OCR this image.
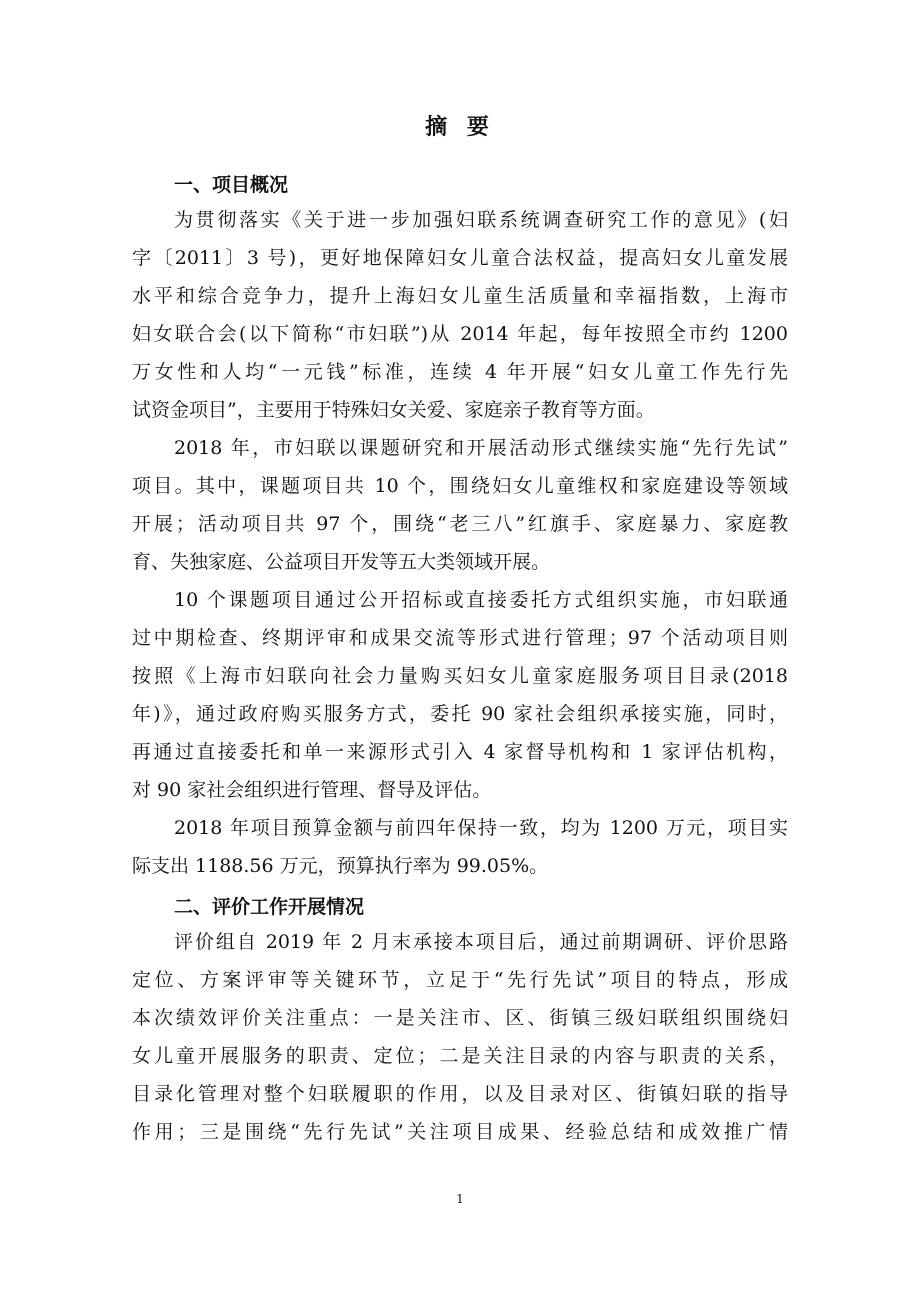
摘 要
一、项目概况
为贯彻落实《关于进一步加强妇联系统调查研究工作的意见》(妇
字〔2011〕3 号)，更好地保障妇女儿童合法权益，提高妇女儿童发展
水平和综合竞争力，提升上海妇女儿童生活质量和幸福指数，上海市
妇女联合会(以下简称“市妇联”)从 2014 年起，每年按照全市约 1200
万女性和人均“一元钱”标准，连续 4 年开展“妇女儿童工作先行先
试资金项目”，主要用于特殊妇女关爱、家庭亲子教育等方面。
2018 年，市妇联以课题研究和开展活动形式继续实施“先行先试”
项目。其中，课题项目共 10 个，围绕妇女儿童维权和家庭建设等领域
开展；活动项目共 97 个，围绕“老三八”红旗手、家庭暴力、家庭教
育、失独家庭、公益项目开发等五大类领域开展。
10 个课题项目通过公开招标或直接委托方式组织实施，市妇联通
过中期检查、终期评审和成果交流等形式进行管理；97 个活动项目则
按照《上海市妇联向社会力量购买妇女儿童家庭服务项目目录(2018
年)》，通过政府购买服务方式，委托 90 家社会组织承接实施，同时，
再通过直接委托和单一来源形式引入 4 家督导机构和 1 家评估机构，
对 90 家社会组织进行管理、督导及评估。
2018 年项目预算金额与前四年保持一致，均为 1200 万元，项目实
际支出 1188.56 万元，预算执行率为 99.05%。
二、评价工作开展情况
评价组自 2019 年 2 月末承接本项目后，通过前期调研、评价思路
定位、方案评审等关键环节，立足于“先行先试”项目的特点，形成
本次绩效评价关注重点：一是关注市、区、街镇三级妇联组织围绕妇
女儿童开展服务的职责、定位；二是关注目录的内容与职责的关系，
目录化管理对整个妇联履职的作用，以及目录对区、街镇妇联的指导
作用；三是围绕“先行先试”关注项目成果、经验总结和成效推广情
1
